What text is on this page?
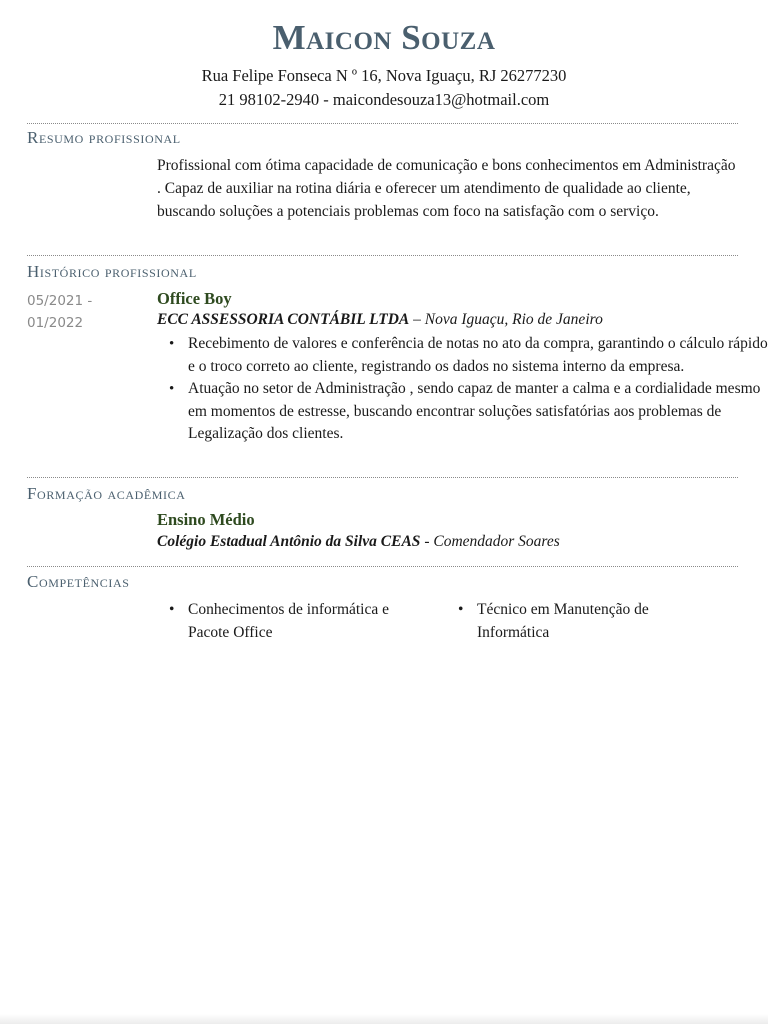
Maicon Souza
Rua Felipe Fonseca N º 16, Nova Iguaçu, RJ 26277230
21 98102-2940 - maicondesouza13@hotmail.com
Resumo profissional
Profissional com ótima capacidade de comunicação e bons conhecimentos em Administração . Capaz de auxiliar na rotina diária e oferecer um atendimento de qualidade ao cliente, buscando soluções a potenciais problemas com foco na satisfação com o serviço.
Histórico profissional
05/2021 -
01/2022
Office Boy
ECC ASSESSORIA CONTÁBIL LTDA – Nova Iguaçu, Rio de Janeiro
• Recebimento de valores e conferência de notas no ato da compra, garantindo o cálculo rápido e o troco correto ao cliente, registrando os dados no sistema interno da empresa.
• Atuação no setor de Administração , sendo capaz de manter a calma e a cordialidade mesmo em momentos de estresse, buscando encontrar soluções satisfatórias aos problemas de Legalização dos clientes.
Formação acadêmica
Ensino Médio
Colégio Estadual Antônio da Silva CEAS - Comendador Soares
Competências
• Conhecimentos de informática e Pacote Office
• Técnico em Manutenção de Informática
